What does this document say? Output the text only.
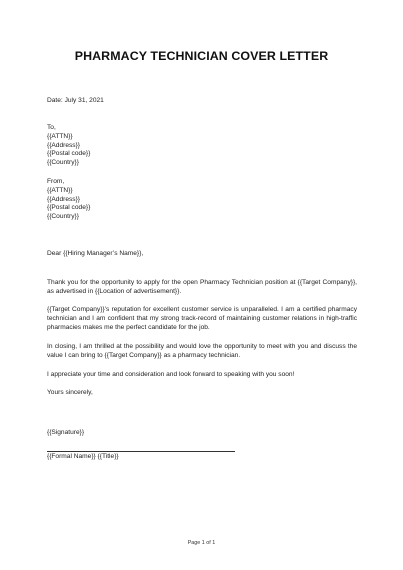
PHARMACY TECHNICIAN COVER LETTER
Date: July 31, 2021
To,
{{ATTN}}
{{Address}}
{{Postal code}}
{{Country}}
From,
{{ATTN}}
{{Address}}
{{Postal code}}
{{Country}}
Dear {{Hiring Manager’s Name}},
Thank you for the opportunity to apply for the open Pharmacy Technician position at {{Target Company}}, as advertised in {{Location of advertisement}}.
{{Target Company}}’s reputation for excellent customer service is unparalleled. I am a certified pharmacy technician and I am confident that my strong track-record of maintaining customer relations in high-traffic pharmacies makes me the perfect candidate for the job.
In closing, I am thrilled at the possibility and would love the opportunity to meet with you and discuss the value I can bring to {{Target Company}} as a pharmacy technician.
I appreciate your time and consideration and look forward to speaking with you soon!
Yours sincerely,
{{Signature}}
{{Formal Name}} {{Title}}
Page 1 of 1
